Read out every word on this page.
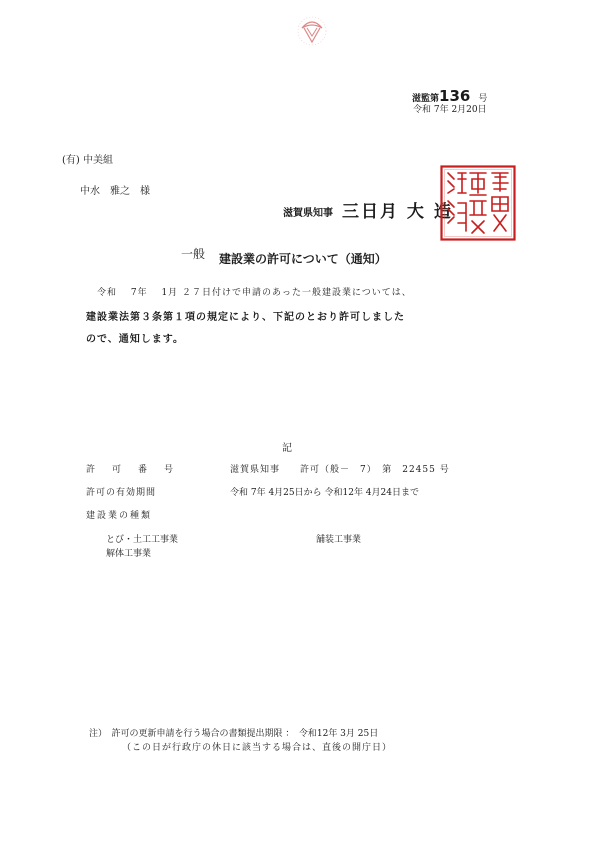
滋監第136 号
令和 7年 2月20日
(有) 中美組
中水　雅之　様
滋賀県知事 三日月 大 造
一般 建設業の許可について（通知）
令和　 7年　 1月 ２７日付けで申請のあった一般建設業については、
建設業法第３条第１項の規定により、下記のとおり許可しました
ので、通知します。
記
許　可　番　号	滋賀県知事　　許可（般－　7）　第　22455 号
許可の有効期間	令和 7年 4月25日から 令和12年 4月24日まで
建設業の種類
とび・土工工事業
解体工事業
舗装工事業
注）　許可の更新申請を行う場合の書類提出期限 ：　令和12年 3月 25日
（この日が行政庁の休日に該当する場合は、直後の開庁日）
